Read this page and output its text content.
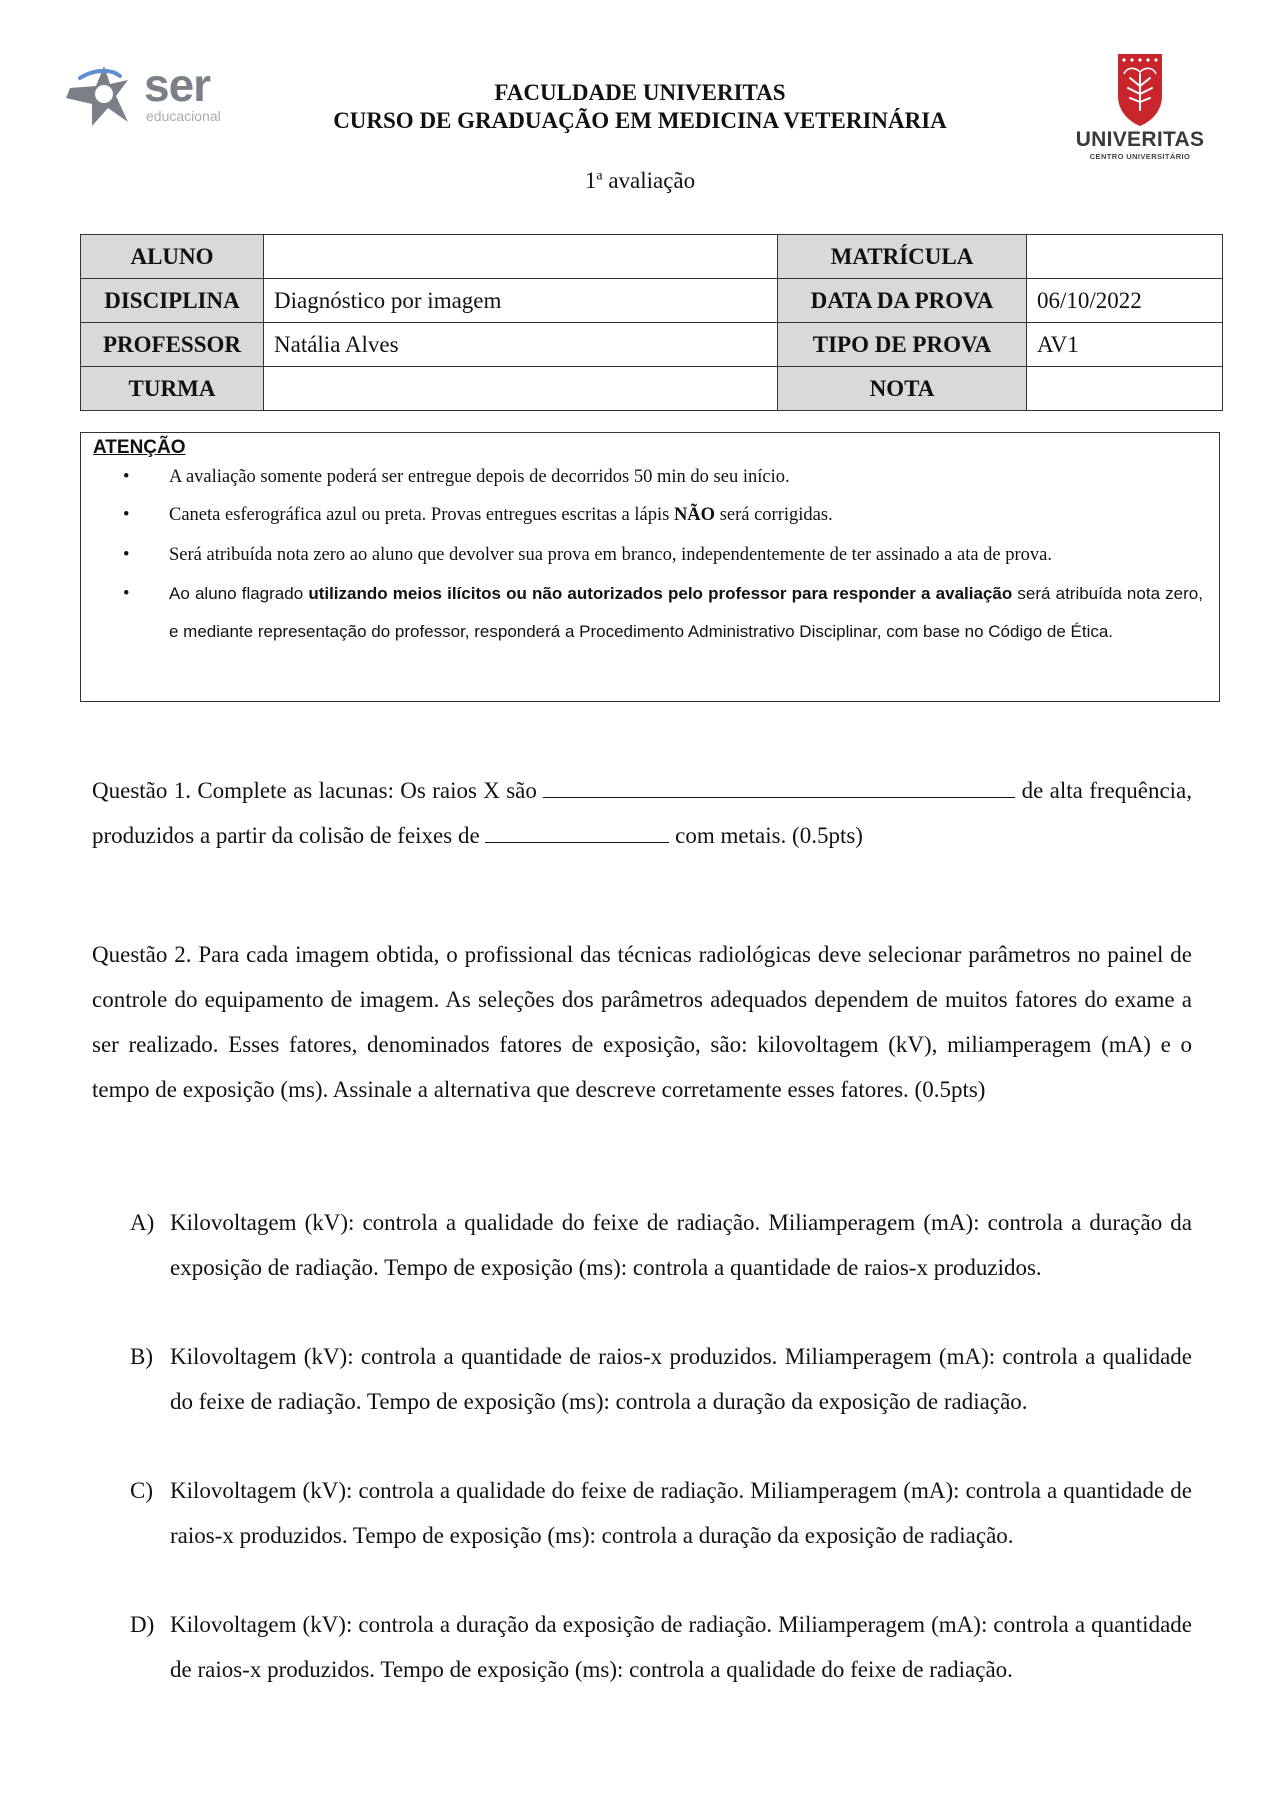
ser
educacional
FACULDADE UNIVERITAS
CURSO DE GRADUAÇÃO EM MEDICINA VETERINÁRIA
1$^a$ avaliação
UNIVERITAS
CENTRO UNIVERSITÁRIO
ALUNO		MATRÍCULA	
DISCIPLINA	Diagnóstico por imagem	DATA DA PROVA	06/10/2022
PROFESSOR	Natália Alves	TIPO DE PROVA	AV1
TURMA		NOTA	
ATENÇÃO
• A avaliação somente poderá ser entregue depois de decorridos 50 min do seu início.
• Caneta esferográfica azul ou preta. Provas entregues escritas a lápis NÃO será corrigidas.
• Será atribuída nota zero ao aluno que devolver sua prova em branco, independentemente de ter assinado a ata de prova.
• Ao aluno flagrado utilizando meios ilícitos ou não autorizados pelo professor para responder a avaliação será atribuída nota zero, e mediante representação do professor, responderá a Procedimento Administrativo Disciplinar, com base no Código de Ética.
Questão 1. Complete as lacunas: Os raios X são	de alta frequência, produzidos a partir da colisão de feixes de	com metais. (0.5pts)
Questão 2. Para cada imagem obtida, o profissional das técnicas radiológicas deve selecionar parâmetros no painel de controle do equipamento de imagem. As seleções dos parâmetros adequados dependem de muitos fatores do exame a ser realizado. Esses fatores, denominados fatores de exposição, são: kilovoltagem (kV), miliamperagem (mA) e o tempo de exposição (ms). Assinale a alternativa que descreve corretamente esses fatores. (0.5pts)
A) Kilovoltagem (kV): controla a qualidade do feixe de radiação. Miliamperagem (mA): controla a duração da exposição de radiação. Tempo de exposição (ms): controla a quantidade de raios-x produzidos.
B) Kilovoltagem (kV): controla a quantidade de raios-x produzidos. Miliamperagem (mA): controla a qualidade do feixe de radiação. Tempo de exposição (ms): controla a duração da exposição de radiação.
C) Kilovoltagem (kV): controla a qualidade do feixe de radiação. Miliamperagem (mA): controla a quantidade de raios-x produzidos. Tempo de exposição (ms): controla a duração da exposição de radiação.
D) Kilovoltagem (kV): controla a duração da exposição de radiação. Miliamperagem (mA): controla a quantidade de raios-x produzidos. Tempo de exposição (ms): controla a qualidade do feixe de radiação.
